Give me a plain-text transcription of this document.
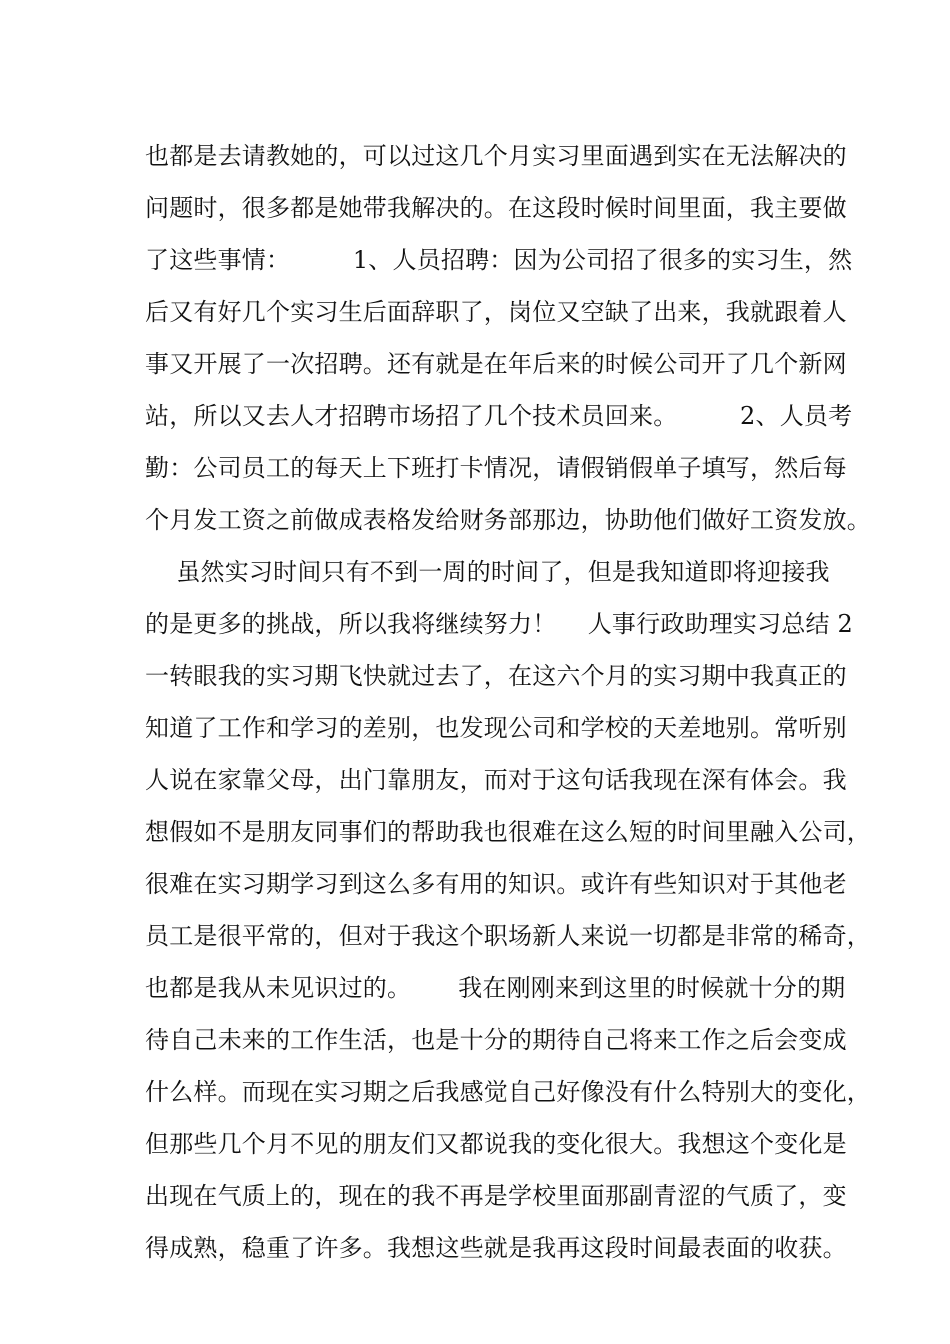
也都是去请教她的，可以过这几个月实习里面遇到实在无法解决的
问题时，很多都是她带我解决的。在这段时候时间里面，我主要做
了这些事情：        1、人员招聘：因为公司招了很多的实习生，然
后又有好几个实习生后面辞职了，岗位又空缺了出来，我就跟着人
事又开展了一次招聘。还有就是在年后来的时候公司开了几个新网
站，所以又去人才招聘市场招了几个技术员回来。        2、人员考
勤：公司员工的每天上下班打卡情况，请假销假单子填写，然后每
个月发工资之前做成表格发给财务部那边，协助他们做好工资发放。
虽然实习时间只有不到一周的时间了，但是我知道即将迎接我
的是更多的挑战，所以我将继续努力！    人事行政助理实习总结 2
一转眼我的实习期飞快就过去了，在这六个月的实习期中我真正的
知道了工作和学习的差别，也发现公司和学校的天差地别。常听别
人说在家靠父母，出门靠朋友，而对于这句话我现在深有体会。我
想假如不是朋友同事们的帮助我也很难在这么短的时间里融入公司，
很难在实习期学习到这么多有用的知识。或许有些知识对于其他老
员工是很平常的，但对于我这个职场新人来说一切都是非常的稀奇，
也都是我从未见识过的。      我在刚刚来到这里的时候就十分的期
待自己未来的工作生活，也是十分的期待自己将来工作之后会变成
什么样。而现在实习期之后我感觉自己好像没有什么特别大的变化，
但那些几个月不见的朋友们又都说我的变化很大。我想这个变化是
出现在气质上的，现在的我不再是学校里面那副青涩的气质了，变
得成熟，稳重了许多。我想这些就是我再这段时间最表面的收获。
